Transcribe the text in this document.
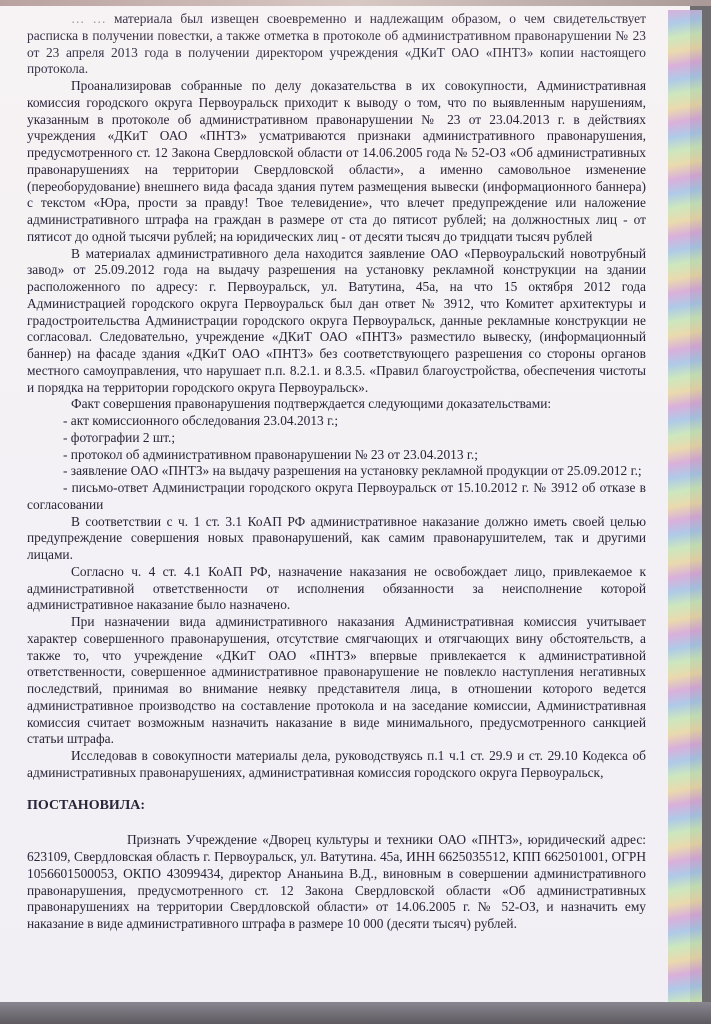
… … материала был извещен своевременно и надлежащим образом, о чем свидетельствует расписка в получении повестки, а также отметка в протоколе об административном правонарушении № 23 от 23 апреля 2013 года в получении директором учреждения «ДКиТ ОАО «ПНТЗ» копии настоящего протокола.

Проанализировав собранные по делу доказательства в их совокупности, Административная комиссия городского округа Первоуральск приходит к выводу о том, что по выявленным нарушениям, указанным в протоколе об административном правонарушении № 23 от 23.04.2013 г. в действиях учреждения «ДКиТ ОАО «ПНТЗ» усматриваются признаки административного правонарушения, предусмотренного ст. 12 Закона Свердловской области от 14.06.2005 года № 52-ОЗ «Об административных правонарушениях на территории Свердловской области», а именно самовольное изменение (переоборудование) внешнего вида фасада здания путем размещения вывески (информационного баннера) с текстом «Юра, прости за правду! Твое телевидение», что влечет предупреждение или наложение административного штрафа на граждан в размере от ста до пятисот рублей; на должностных лиц - от пятисот до одной тысячи рублей; на юридических лиц - от десяти тысяч до тридцати тысяч рублей

В материалах административного дела находится заявление ОАО «Первоуральский новотрубный завод» от 25.09.2012 года на выдачу разрешения на установку рекламной конструкции на здании расположенного по адресу: г. Первоуральск, ул. Ватутина, 45а, на что 15 октября 2012 года Администрацией городского округа Первоуральск был дан ответ № 3912, что Комитет архитектуры и градостроительства Администрации городского округа Первоуральск, данные рекламные конструкции не согласовал. Следовательно, учреждение «ДКиТ ОАО «ПНТЗ» разместило вывеску, (информационный баннер) на фасаде здания «ДКиТ ОАО «ПНТЗ» без соответствующего разрешения со стороны органов местного самоуправления, что нарушает п.п. 8.2.1. и 8.3.5. «Правил благоустройства, обеспечения чистоты и порядка на территории городского округа Первоуральск».

Факт совершения правонарушения подтверждается следующими доказательствами:

- акт комиссионного обследования 23.04.2013 г.;

- фотографии 2 шт.;

- протокол об административном правонарушении № 23 от 23.04.2013 г.;

- заявление ОАО «ПНТЗ» на выдачу разрешения на установку рекламной продукции от 25.09.2012 г.;

- письмо-ответ Администрации городского округа Первоуральск от 15.10.2012 г. № 3912 об отказе в согласовании

В соответствии с ч. 1 ст. 3.1 КоАП РФ административное наказание должно иметь своей целью предупреждение совершения новых правонарушений, как самим правонарушителем, так и другими лицами.

Согласно ч. 4 ст. 4.1 КоАП РФ, назначение наказания не освобождает лицо, привлекаемое к административной ответственности от исполнения обязанности за неисполнение которой административное наказание было назначено.

При назначении вида административного наказания Административная комиссия учитывает характер совершенного правонарушения, отсутствие смягчающих и отягчающих вину обстоятельств, а также то, что учреждение «ДКиТ ОАО «ПНТЗ» впервые привлекается к административной ответственности, совершенное административное правонарушение не повлекло наступления негативных последствий, принимая во внимание неявку представителя лица, в отношении которого ведется административное производство на составление протокола и на заседание комиссии, Административная комиссия считает возможным назначить наказание в виде минимального, предусмотренного санкцией статьи штрафа.

Исследовав в совокупности материалы дела, руководствуясь п.1 ч.1 ст. 29.9 и ст. 29.10 Кодекса об административных правонарушениях, административная комиссия городского округа Первоуральск,

ПОСТАНОВИЛА:

Признать Учреждение «Дворец культуры и техники ОАО «ПНТЗ», юридический адрес: 623109, Свердловская область г. Первоуральск, ул. Ватутина. 45а, ИНН 6625035512, КПП 662501001, ОГРН 1056601500053, ОКПО 43099434, директор Ананьина В.Д., виновным в совершении административного правонарушения, предусмотренного ст. 12 Закона Свердловской области «Об административных правонарушениях на территории Свердловской области» от 14.06.2005 г. № 52-ОЗ, и назначить ему наказание в виде административного штрафа в размере 10 000 (десяти тысяч) рублей.
